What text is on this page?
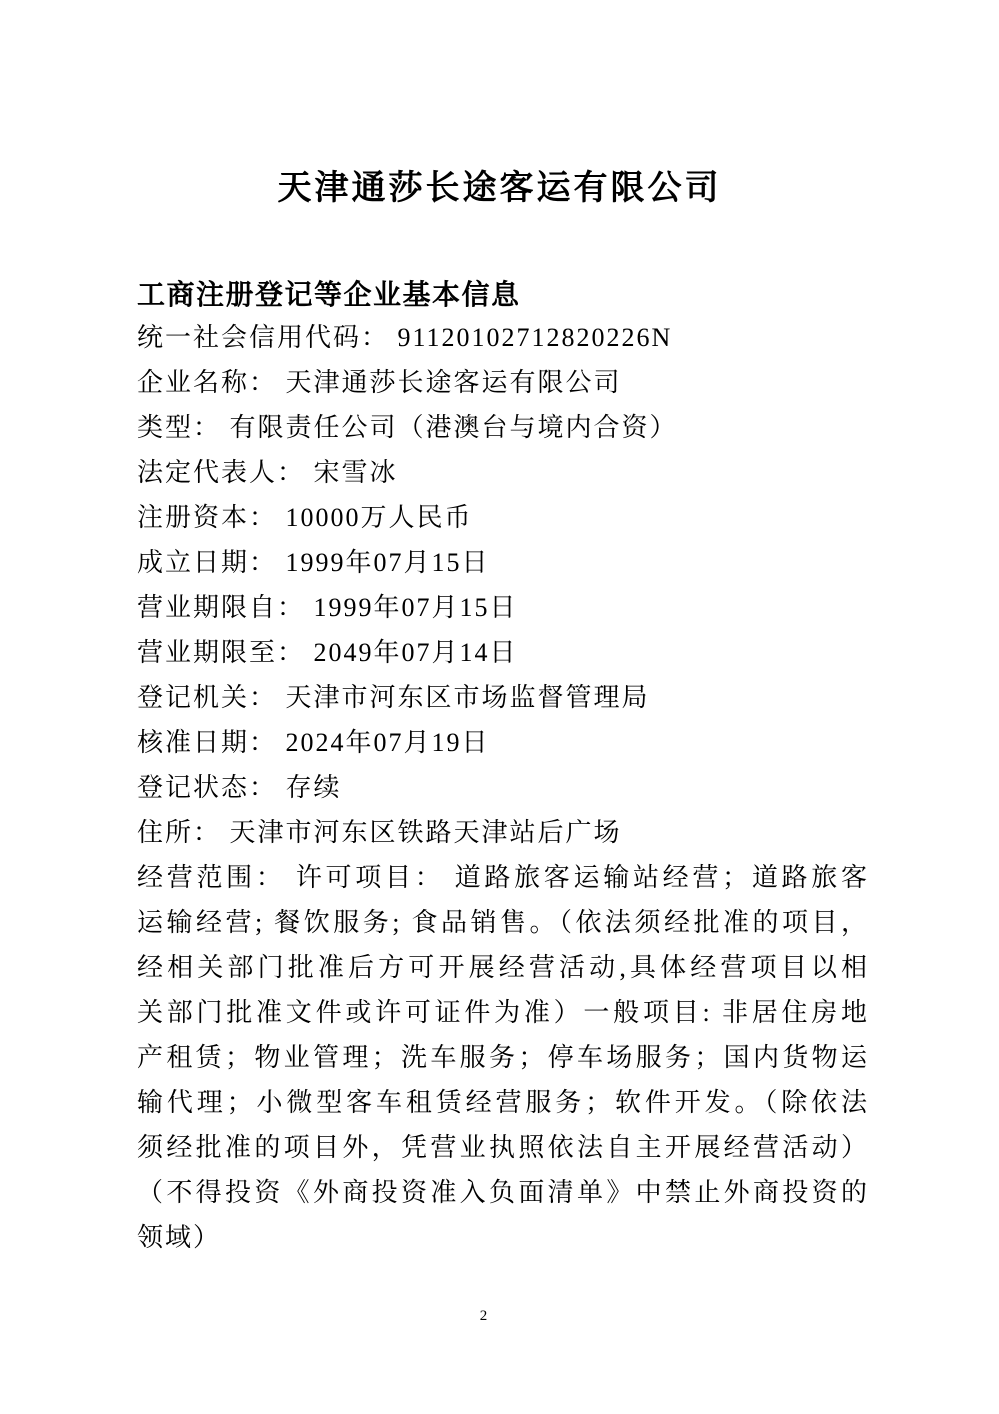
天津通莎长途客运有限公司
工商注册登记等企业基本信息
统一社会信用代码： 91120102712820226N
企业名称： 天津通莎长途客运有限公司
类型： 有限责任公司（港澳台与境内合资）
法定代表人： 宋雪冰
注册资本： 10000万人民币
成立日期： 1999年07月15日
营业期限自： 1999年07月15日
营业期限至： 2049年07月14日
登记机关： 天津市河东区市场监督管理局
核准日期： 2024年07月19日
登记状态： 存续
住所： 天津市河东区铁路天津站后广场
经营范围： 许可项目： 道路旅客运输站经营；道路旅客
运输经营; 餐饮服务; 食品销售。（依法须经批准的项目，
经相关部门批准后方可开展经营活动,具体经营项目以相
关部门批准文件或许可证件为准）一般项目: 非居住房地
产租赁；物业管理；洗车服务；停车场服务；国内货物运
输代理；小微型客车租赁经营服务；软件开发。（除依法
须经批准的项目外，凭营业执照依法自主开展经营活动）
（不得投资《外商投资准入负面清单》中禁止外商投资的
领域）
2
